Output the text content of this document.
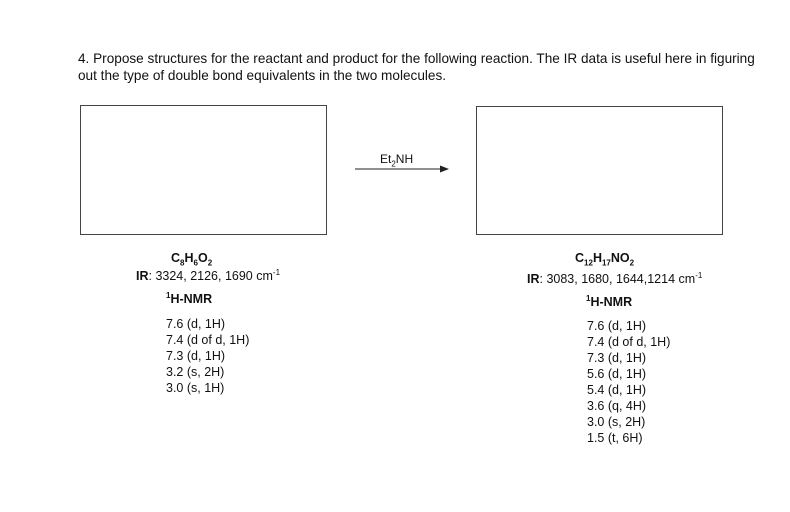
4. Propose structures for the reactant and product for the following reaction. The IR data is useful here in figuring out the type of double bond equivalents in the two molecules.
$Et_2NH$
$C_8H_6O_2$
IR: 3324, 2126, 1690 $cm^{-1}$
$^1$H-NMR
7.6 (d, 1H)
7.4 (d of d, 1H)
7.3 (d, 1H)
3.2 (s, 2H)
3.0 (s, 1H)
$C_{12}H_{17}NO_2$
IR: 3083, 1680, 1644,1214 $cm^{-1}$
$^1$H-NMR
7.6 (d, 1H)
7.4 (d of d, 1H)
7.3 (d, 1H)
5.6 (d, 1H)
5.4 (d, 1H)
3.6 (q, 4H)
3.0 (s, 2H)
1.5 (t, 6H)
